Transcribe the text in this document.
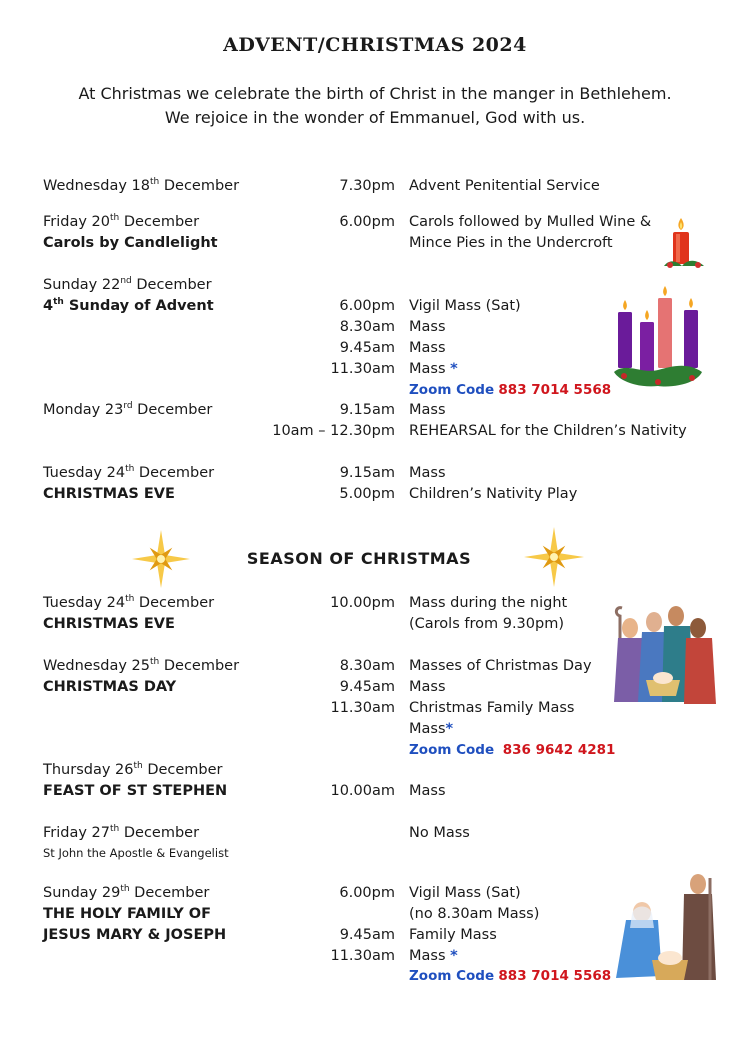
ADVENT/CHRISTMAS 2024
At Christmas we celebrate the birth of Christ in the manger in Bethlehem.
We rejoice in the wonder of Emmanuel, God with us.
Wednesday 18th December	7.30pm Advent Penitential Service
Friday 20th December
Carols by Candlelight
6.00pm Carols followed by Mulled Wine &
Mince Pies in the Undercroft
Sunday 22nd December
4th Sunday of Advent	6.00pm Vigil Mass (Sat)
8.30am Mass
9.45am Mass
11.30am Mass *
Zoom Code 883 7014 5568
Monday 23rd December	9.15am Mass
10am – 12.30pm REHEARSAL for the Children’s Nativity
Tuesday 24th December
CHRISTMAS EVE
9.15am Mass
5.00pm Children’s Nativity Play
SEASON OF CHRISTMAS
Tuesday 24th December
CHRISTMAS EVE
10.00pm Mass during the night
(Carols from 9.30pm)
Wednesday 25th December
CHRISTMAS DAY
8.30am Masses of Christmas Day
9.45am Mass
11.30am Christmas Family Mass
Mass*
Zoom Code 836 9642 4281
Thursday 26th December
FEAST OF ST STEPHEN	10.00am Mass
Friday 27th December
St John the Apostle & Evangelist
No Mass
Sunday 29th December
THE HOLY FAMILY OF
JESUS MARY & JOSEPH
6.00pm Vigil Mass (Sat)
(no 8.30am Mass)
9.45am Family Mass
11.30am Mass *
Zoom Code 883 7014 5568
